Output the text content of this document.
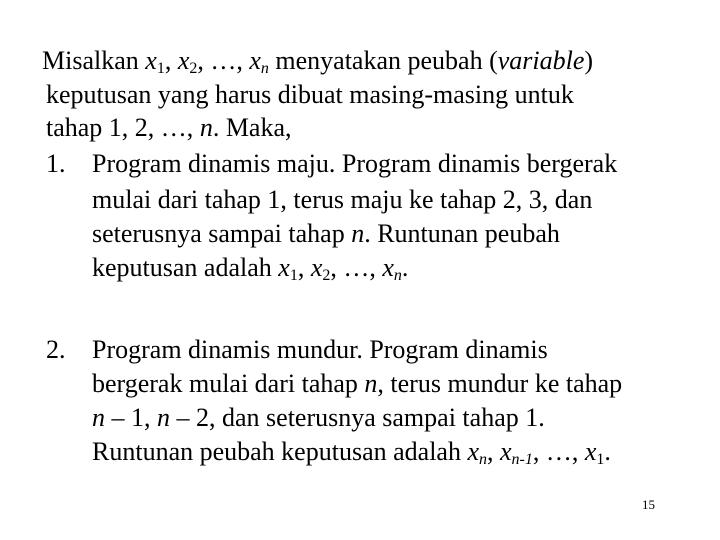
Misalkan $x_1$, $x_2$, …, $x_n$ menyatakan peubah (variable)
keputusan yang harus dibuat masing-masing untuk
tahap 1, 2, …, n. Maka,
1. Program dinamis maju. Program dinamis bergerak
mulai dari tahap 1, terus maju ke tahap 2, 3, dan
seterusnya sampai tahap n. Runtunan peubah
keputusan adalah $x_1$, $x_2$, …, $x_n$.
2. Program dinamis mundur. Program dinamis
bergerak mulai dari tahap n, terus mundur ke tahap
n – 1, n – 2, dan seterusnya sampai tahap 1.
Runtunan peubah keputusan adalah $x_n$, $x_{n-1}$, …, $x_1$.
15
